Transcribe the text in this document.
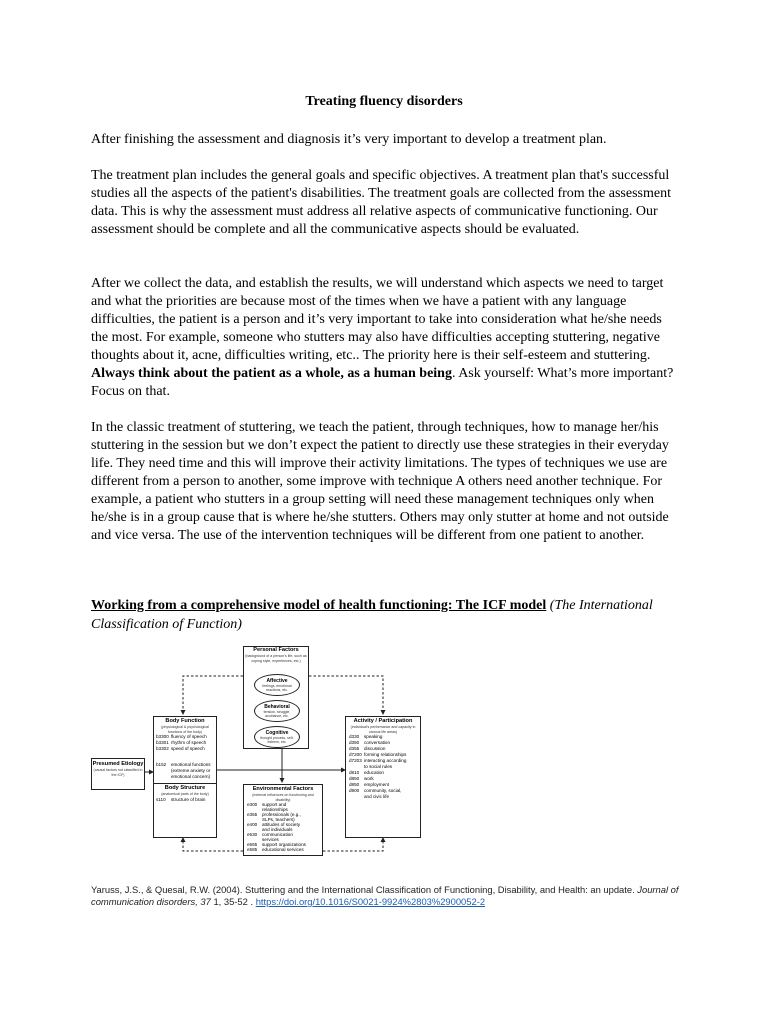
Treating fluency disorders

After finishing the assessment and diagnosis it’s very important to develop a treatment plan.

The treatment plan includes the general goals and specific objectives. A treatment plan that's successful studies all the aspects of the patient's disabilities. The treatment goals are collected from the assessment data. This is why the assessment must address all relative aspects of communicative functioning. Our assessment should be complete and all the communicative aspects should be evaluated.

After we collect the data, and establish the results, we will understand which aspects we need to target and what the priorities are because most of the times when we have a patient with any language difficulties, the patient is a person and it’s very important to take into consideration what he/she needs the most. For example, someone who stutters may also have difficulties accepting stuttering, negative thoughts about it, acne, difficulties writing, etc.. The priority here is their self-esteem and stuttering. Always think about the patient as a whole, as a human being. Ask yourself: What’s more important? Focus on that.

In the classic treatment of stuttering, we teach the patient, through techniques, how to manage her/his stuttering in the session but we don’t expect the patient to directly use these strategies in their everyday life. They need time and this will improve their activity limitations. The types of techniques we use are different from a person to another, some improve with technique A others need another technique. For example, a patient who stutters in a group setting will need these management techniques only when he/she is in a group cause that is where he/she stutters. Others may only stutter at home and not outside and vice versa. The use of the intervention techniques will be different from one patient to another.

Working from a comprehensive model of health functioning: The ICF model (The International Classification of Function)

Personal Factors
(background of a person's life, such as coping style, experiences, etc.)
Affective
feelings, emotional reactions, etc.
Behavioral
tension, struggle, avoidance, etc.
Cognitive
thought process, self-esteem, etc.
Body Function
(physiological & psychological functions of the body)
b3300 fluency of speech
b3301 rhythm of speech
b3302 speed of speech
b152	emotional functions
(extreme anxiety or
emotional concern)
Body Structure
(anatomical parts of the body)
s110	structure of brain
Presumed Etiology
(causal factors not classified in the ICF)
Activity / Participation
(individual's performance and capacity in various life areas)
d330	speaking
d350	conversation
d355	discussion
d7200 forming relationships
d7203 interacting according
to social rules
d810	education
d850	work
d850	employment
d900	community, social,
and civic life
Environmental Factors
(external influences on functioning and disability)
e300	support and
relationships
e355	professionals (e.g.,
SLPs, teachers)
e400	attitudes of society
and individuals
e530	communication
services
e555	support organizations
e585	educational services
Yaruss, J.S., & Quesal, R.W. (2004). Stuttering and the International Classification of Functioning, Disability, and Health: an update. Journal of communication disorders, 37 1, 35-52 . https://doi.org/10.1016/S0021-9924%2803%2900052-2
